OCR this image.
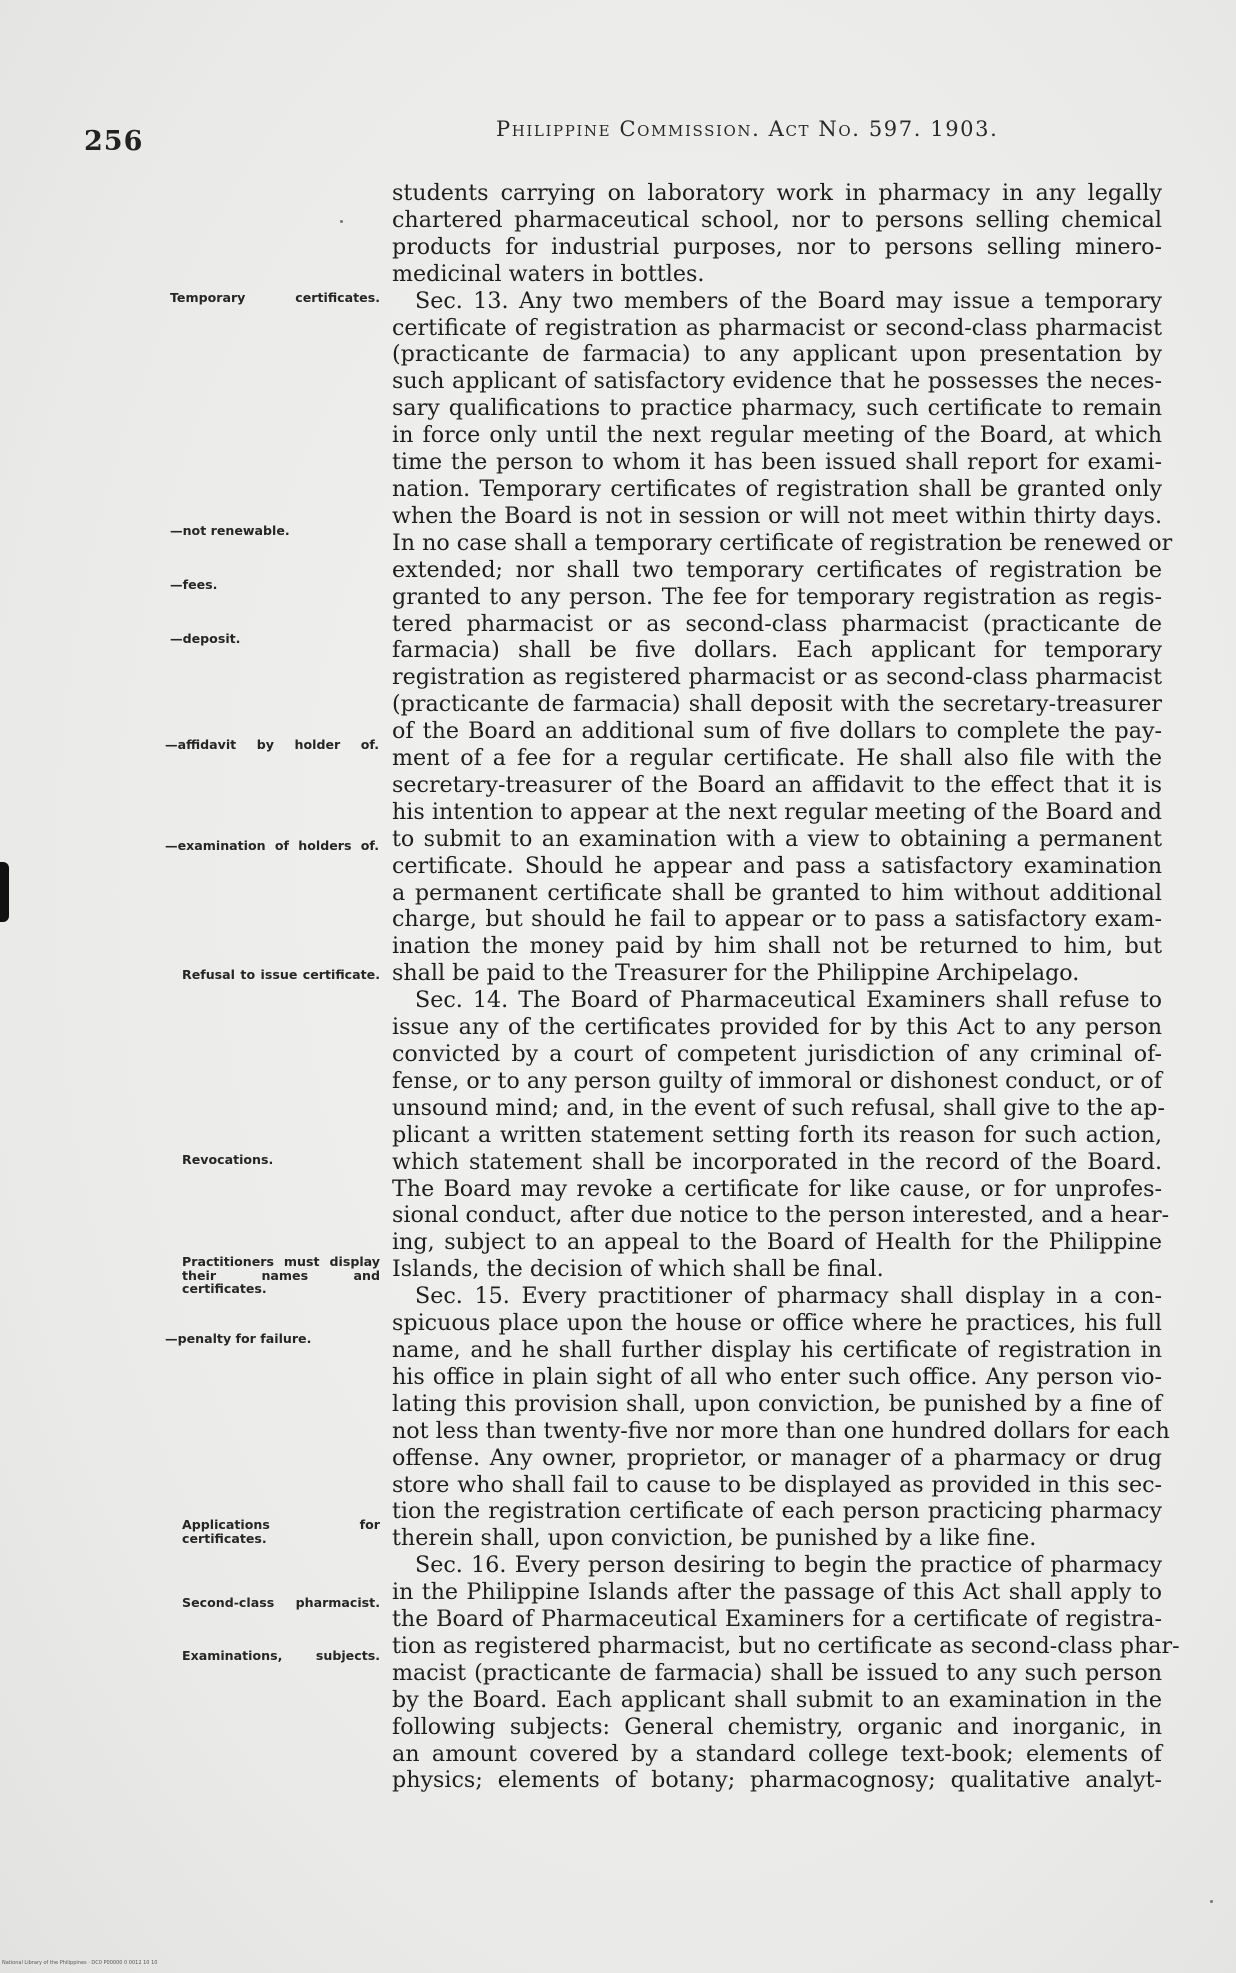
256	Philippine Commission. Act No. 597. 1903.
Temporary certificates.
—not renewable.
—fees.
—deposit.
—affidavit by holder of.
—examination of holders of.
Refusal to issue certificate.
Revocations.
Practitioners must display their names and certificates.
—penalty for failure.
Applications for certificates.
Second-class pharmacist.
Examinations, subjects.
students carrying on laboratory work in pharmacy in any legally
chartered pharmaceutical school, nor to persons selling chemical
products for industrial purposes, nor to persons selling minero-
medicinal waters in bottles.
Sec. 13. Any two members of the Board may issue a temporary
certificate of registration as pharmacist or second-class pharmacist
(practicante de farmacia) to any applicant upon presentation by
such applicant of satisfactory evidence that he possesses the neces-
sary qualifications to practice pharmacy, such certificate to remain
in force only until the next regular meeting of the Board, at which
time the person to whom it has been issued shall report for exami-
nation. Temporary certificates of registration shall be granted only
when the Board is not in session or will not meet within thirty days.
In no case shall a temporary certificate of registration be renewed or
extended; nor shall two temporary certificates of registration be
granted to any person. The fee for temporary registration as regis-
tered pharmacist or as second-class pharmacist (practicante de
farmacia) shall be five dollars. Each applicant for temporary
registration as registered pharmacist or as second-class pharmacist
(practicante de farmacia) shall deposit with the secretary-treasurer
of the Board an additional sum of five dollars to complete the pay-
ment of a fee for a regular certificate. He shall also file with the
secretary-treasurer of the Board an affidavit to the effect that it is
his intention to appear at the next regular meeting of the Board and
to submit to an examination with a view to obtaining a permanent
certificate. Should he appear and pass a satisfactory examination
a permanent certificate shall be granted to him without additional
charge, but should he fail to appear or to pass a satisfactory exam-
ination the money paid by him shall not be returned to him, but
shall be paid to the Treasurer for the Philippine Archipelago.
Sec. 14. The Board of Pharmaceutical Examiners shall refuse to
issue any of the certificates provided for by this Act to any person
convicted by a court of competent jurisdiction of any criminal of-
fense, or to any person guilty of immoral or dishonest conduct, or of
unsound mind; and, in the event of such refusal, shall give to the ap-
plicant a written statement setting forth its reason for such action,
which statement shall be incorporated in the record of the Board.
The Board may revoke a certificate for like cause, or for unprofes-
sional conduct, after due notice to the person interested, and a hear-
ing, subject to an appeal to the Board of Health for the Philippine
Islands, the decision of which shall be final.
Sec. 15. Every practitioner of pharmacy shall display in a con-
spicuous place upon the house or office where he practices, his full
name, and he shall further display his certificate of registration in
his office in plain sight of all who enter such office. Any person vio-
lating this provision shall, upon conviction, be punished by a fine of
not less than twenty-five nor more than one hundred dollars for each
offense. Any owner, proprietor, or manager of a pharmacy or drug
store who shall fail to cause to be displayed as provided in this sec-
tion the registration certificate of each person practicing pharmacy
therein shall, upon conviction, be punished by a like fine.
Sec. 16. Every person desiring to begin the practice of pharmacy
in the Philippine Islands after the passage of this Act shall apply to
the Board of Pharmaceutical Examiners for a certificate of registra-
tion as registered pharmacist, but no certificate as second-class phar-
macist (practicante de farmacia) shall be issued to any such person
by the Board. Each applicant shall submit to an examination in the
following subjects: General chemistry, organic and inorganic, in
an amount covered by a standard college text-book; elements of
physics; elements of botany; pharmacognosy; qualitative analyt-
National Library of the Philippines · DC0 P00000 0 0012 10 10
